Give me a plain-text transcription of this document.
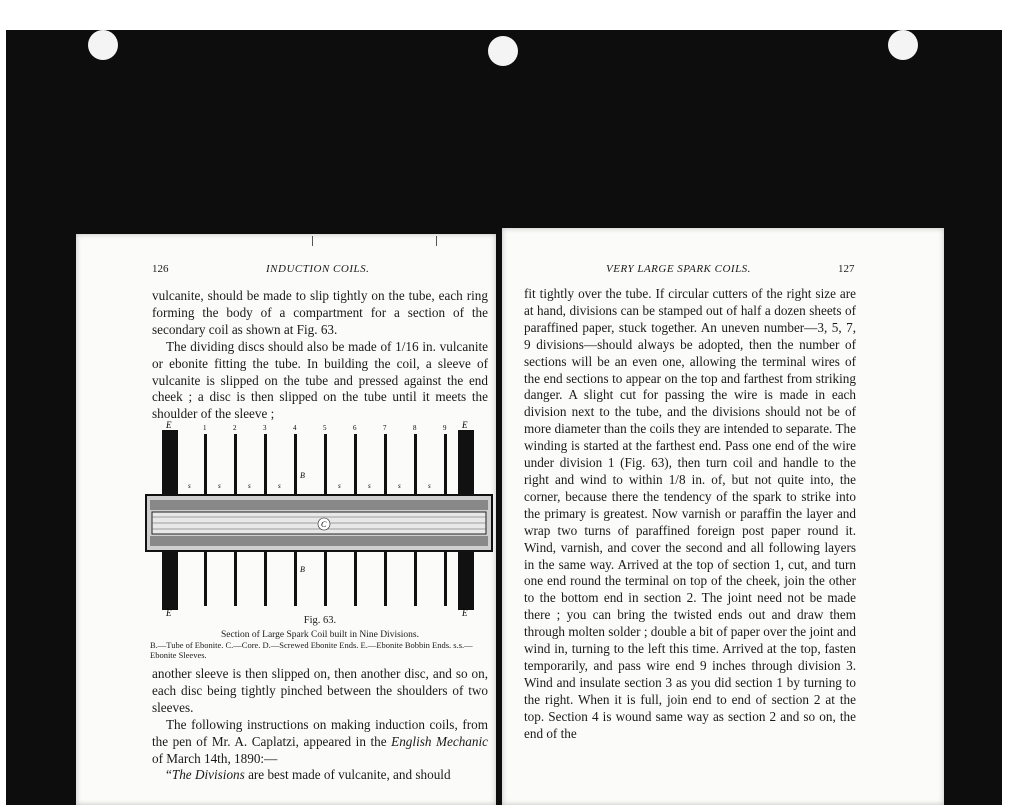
126	INDUCTION COILS.

vulcanite, should be made to slip tightly on the tube, each ring forming the body of a compartment for a section of the secondary coil as shown at Fig. 63.

The dividing discs should also be made of 1/16 in. vulcanite or ebonite fitting the tube. In building the coil, a sleeve of vulcanite is slipped on the tube and pressed against the end cheek ; a disc is then slipped on the tube until it meets the shoulder of the sleeve ;

E	E
E	E
1	2	3	4	5	6	7	8	9
s	s	s	s	s	s	s	s
B
B
C
Fig. 63.
Section of Large Spark Coil built in Nine Divisions.
B.—Tube of Ebonite. C.—Core. D.—Screwed Ebonite Ends. E.—Ebonite Bobbin Ends. s.s.—Ebonite Sleeves.

another sleeve is then slipped on, then another disc, and so on, each disc being tightly pinched between the shoulders of two sleeves.

The following instructions on making induction coils, from the pen of Mr. A. Caplatzi, appeared in the English Mechanic of March 14th, 1890:—

“The Divisions are best made of vulcanite, and should

VERY LARGE SPARK COILS.	127

fit tightly over the tube. If circular cutters of the right size are at hand, divisions can be stamped out of half a dozen sheets of paraffined paper, stuck together. An uneven number—3, 5, 7, 9 divisions—should always be adopted, then the number of sections will be an even one, allowing the terminal wires of the end sections to appear on the top and farthest from striking danger. A slight cut for passing the wire is made in each division next to the tube, and the divisions should not be of more diameter than the coils they are intended to separate. The winding is started at the farthest end. Pass one end of the wire under division 1 (Fig. 63), then turn coil and handle to the right and wind to within 1/8 in. of, but not quite into, the corner, because there the tendency of the spark to strike into the primary is greatest. Now varnish or paraffin the layer and wrap two turns of paraffined foreign post paper round it. Wind, varnish, and cover the second and all following layers in the same way. Arrived at the top of section 1, cut, and turn one end round the terminal on top of the cheek, join the other to the bottom end in section 2. The joint need not be made there ; you can bring the twisted ends out and draw them through molten solder ; double a bit of paper over the joint and wind in, turning to the left this time. Arrived at the top, fasten temporarily, and pass wire end 9 inches through division 3. Wind and insulate section 3 as you did section 1 by turning to the right. When it is full, join end to end of section 2 at the top. Section 4 is wound same way as section 2 and so on, the end of the
